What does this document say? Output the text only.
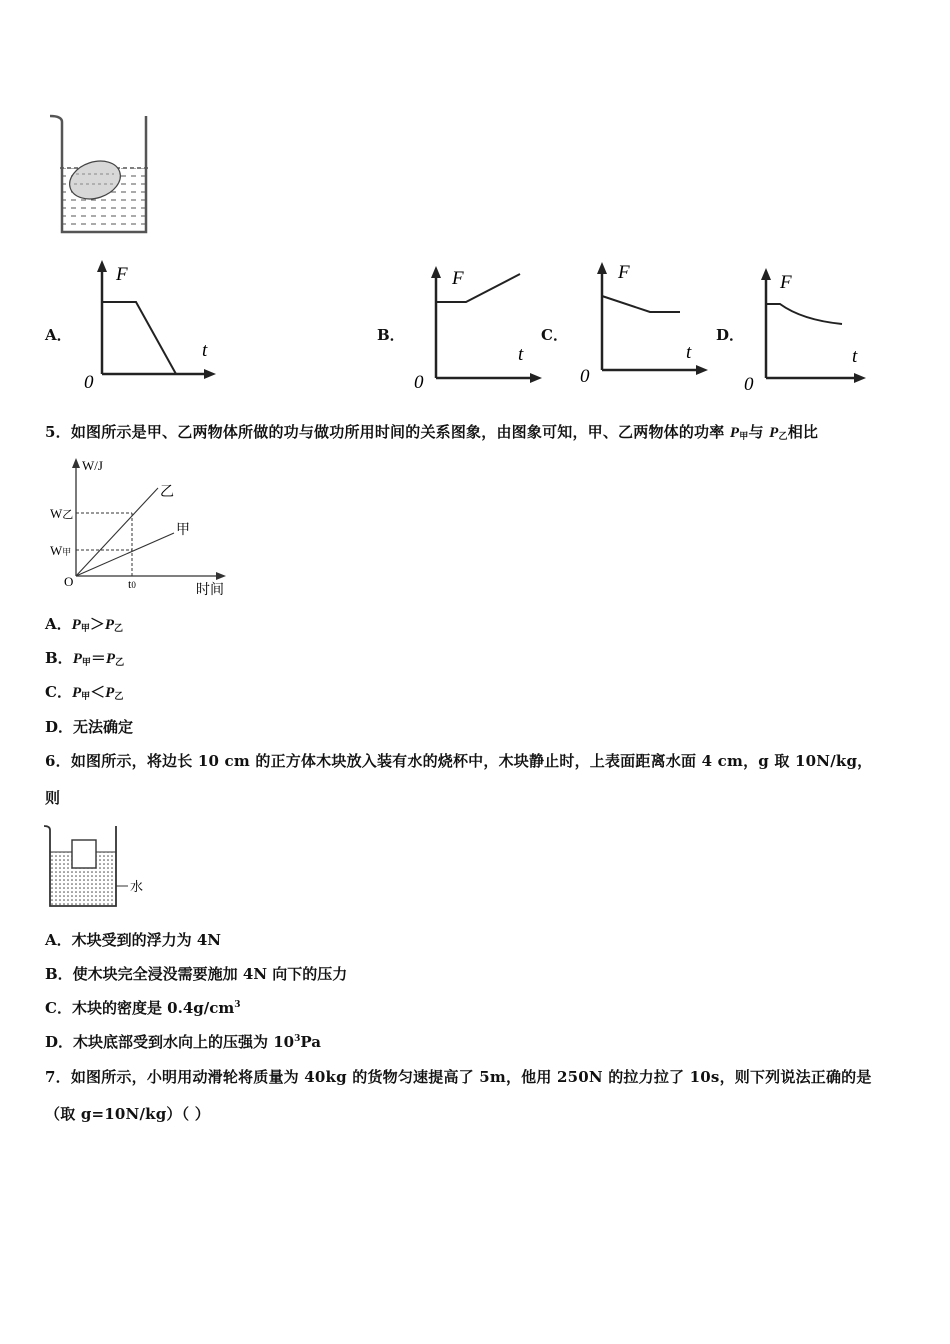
A．
F
t
0
B．
F
t
0
C．
F
t
0
D．
F
t
0
5．如图所示是甲、乙两物体所做的功与做功所用时间的关系图象，由图象可知，甲、乙两物体的功率 $P_甲$与 $P_乙$相比
W/J
乙
甲
W乙
W甲
O	t0	时间
A．$P_甲>P_乙$
B．$P_甲=P_乙$
C．$P_甲<P_乙$
D．无法确定
6．如图所示，将边长 10 cm 的正方体木块放入装有水的烧杯中，木块静止时，上表面距离水面 4 cm，g 取 10N/kg，
则
水
A．木块受到的浮力为 4N
B．使木块完全浸没需要施加 4N 向下的压力
C．木块的密度是 $0.4g/cm^3$
D．木块底部受到水向上的压强为 $10^3Pa$
7．如图所示，小明用动滑轮将质量为 40kg 的货物匀速提高了 5m，他用 250N 的拉力拉了 10s，则下列说法正确的是
（取 g=10N/kg）（ ）
